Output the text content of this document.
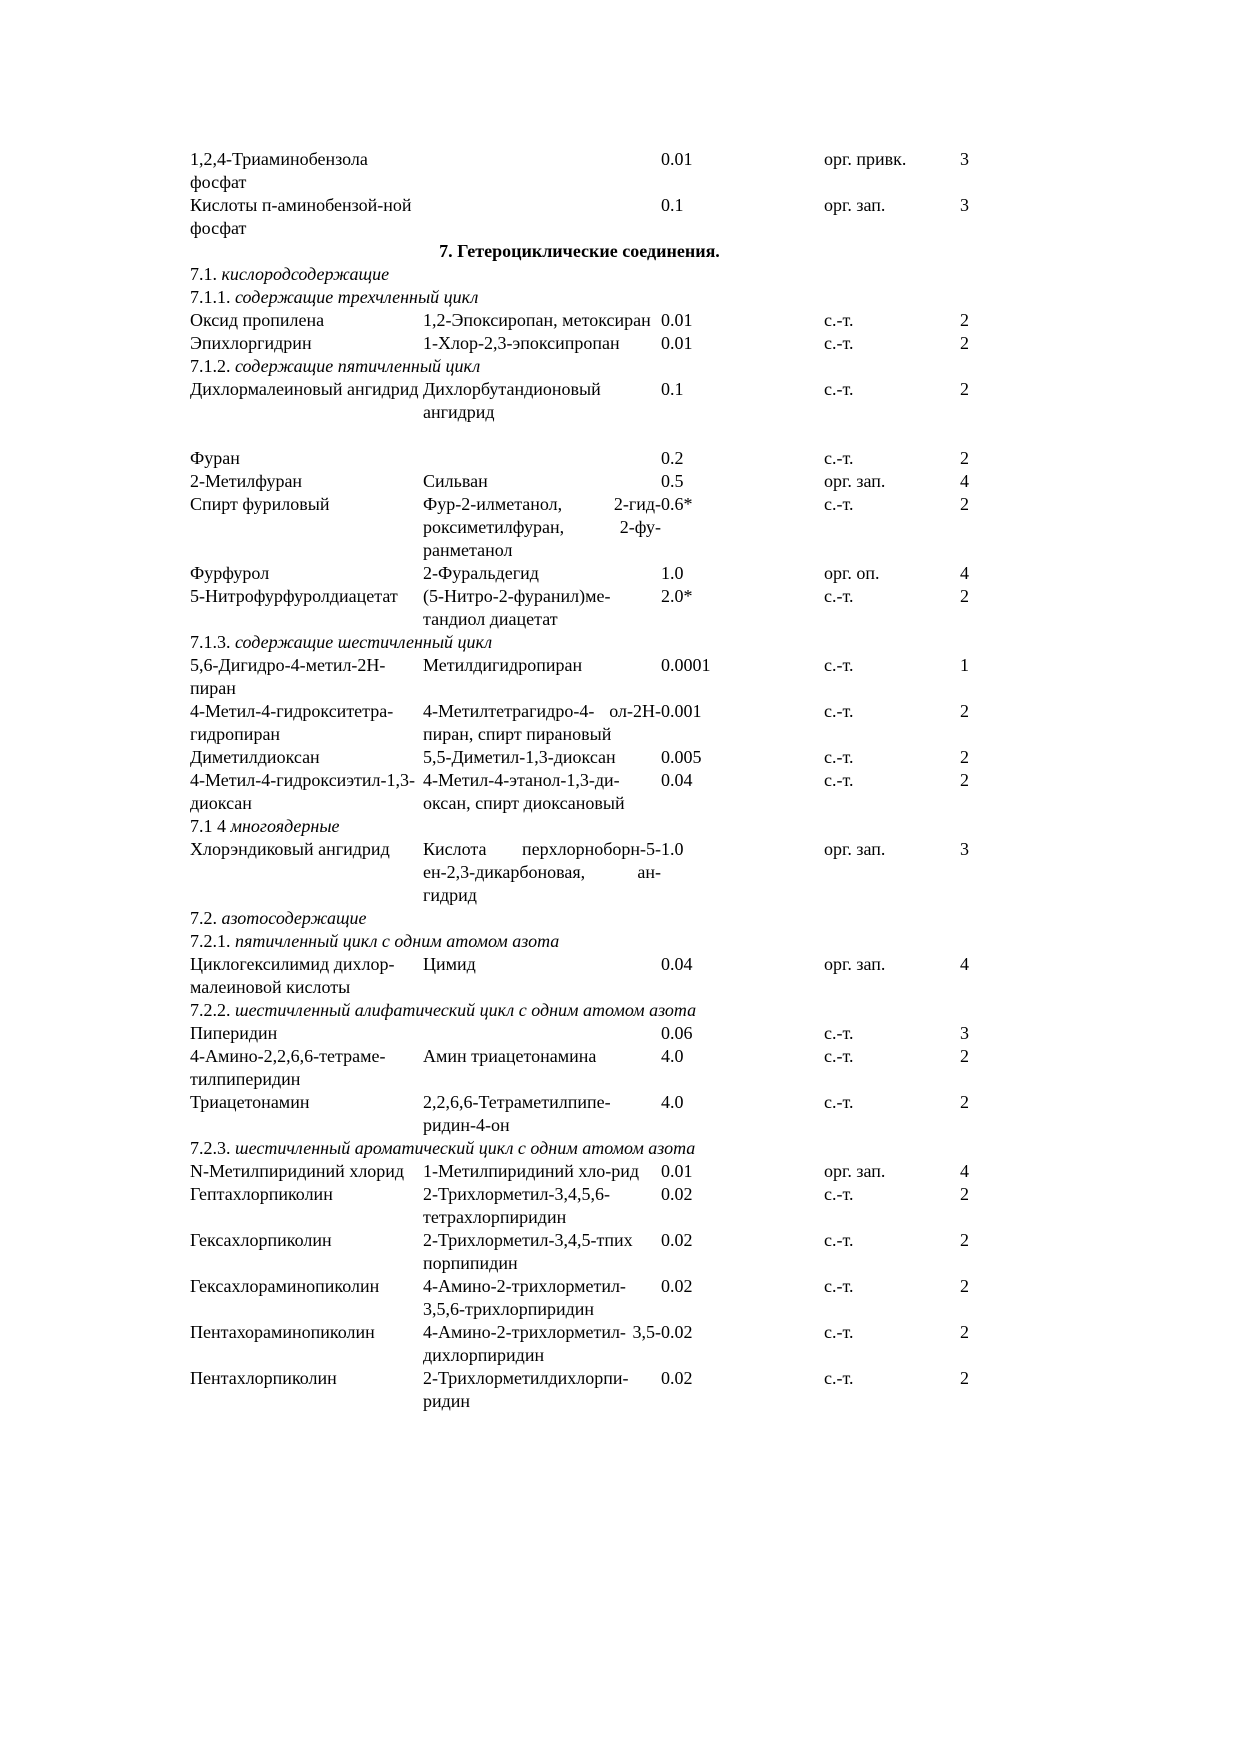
1,2,4-Триаминобензола фосфат		0.01	орг. привк.	3
Кислоты п-аминобензой-ной фосфат		0.1	орг. зап.	3
7. Гетероциклические соединения.				
7.1. кислородсодержащие				
7.1.1. содержащие трехчленный цикл				
Оксид пропилена	1,2-Эпоксиропан, метоксиран	0.01	с.-т.	2
Эпихлоргидрин	1-Хлор-2,3-эпоксипропан	0.01	с.-т.	2
7.1.2. содержащие пятичленный цикл				
Дихлормалеиновый ангидрид	Дихлорбутандионовый ангидрид	0.1	с.-т.	2

Фуран		0.2	с.-т.	2
2-Метилфуран	Сильван	0.5	орг. зап.	4
Спирт фуриловый	Фур-2-илметанол, 2-гид-роксиметилфуран, 2-фу-ранметанол	0.6*	с.-т.	2
Фурфурол	2-Фуральдегид	1.0	орг. оп.	4
5-Нитрофурфуролдиацетат	(5-Нитро-2-фуранил)ме-тандиол диацетат	2.0*	с.-т.	2
7.1.3. содержащие шестичленный цикл				
5,6-Дигидро-4-метил-2Н-пиран	Метилдигидропиран	0.0001	с.-т.	1
4-Метил-4-гидрокситетра-гидропиран	4-Метилтетрагидро-4- ол-2Н-пиран, спирт пирановый	0.001	с.-т.	2
Диметилдиоксан	5,5-Диметил-1,3-диоксан	0.005	с.-т.	2
4-Метил-4-гидроксиэтил-1,3-диоксан	4-Метил-4-этанол-1,3-ди-оксан, спирт диоксановый	0.04	с.-т.	2
7.1 4 многоядерные				
Хлорэндиковый ангидрид	Кислота перхлорноборн-5-ен-2,3-дикарбоновая, ан-гидрид	1.0	орг. зап.	3
7.2. азотосодержащие				
7.2.1. пятичленный цикл с одним атомом азота				
Циклогексилимид дихлор-малеиновой кислоты	Цимид	0.04	орг. зап.	4
7.2.2. шестичленный алифатический цикл с одним атомом азота				
Пиперидин		0.06	с.-т.	3
4-Амино-2,2,6,6-тетраме-тилпиперидин	Амин триацетонамина	4.0	с.-т.	2
Триацетонамин	2,2,6,6-Тетраметилпипе-ридин-4-он	4.0	с.-т.	2
7.2.3. шестичленный ароматический цикл с одним атомом азота				
N-Метилпиридиний хлорид	1-Метилпиридиний хло-рид	0.01	орг. зап.	4
Гептахлорпиколин	2-Трихлорметил-3,4,5,6-тетрахлорпиридин	0.02	с.-т.	2
Гексахлорпиколин	2-Трихлорметил-3,4,5-тпих порпипидин	0.02	с.-т.	2
Гексахлораминопиколин	4-Амино-2-трихлорметил- 3,5,6-трихлорпиридин	0.02	с.-т.	2
Пентахораминопиколин	4-Амино-2-трихлорметил- 3,5-дихлорпиридин	0.02	с.-т.	2
Пентахлорпиколин	2-Трихлорметилдихлорпи-ридин	0.02	с.-т.	2
